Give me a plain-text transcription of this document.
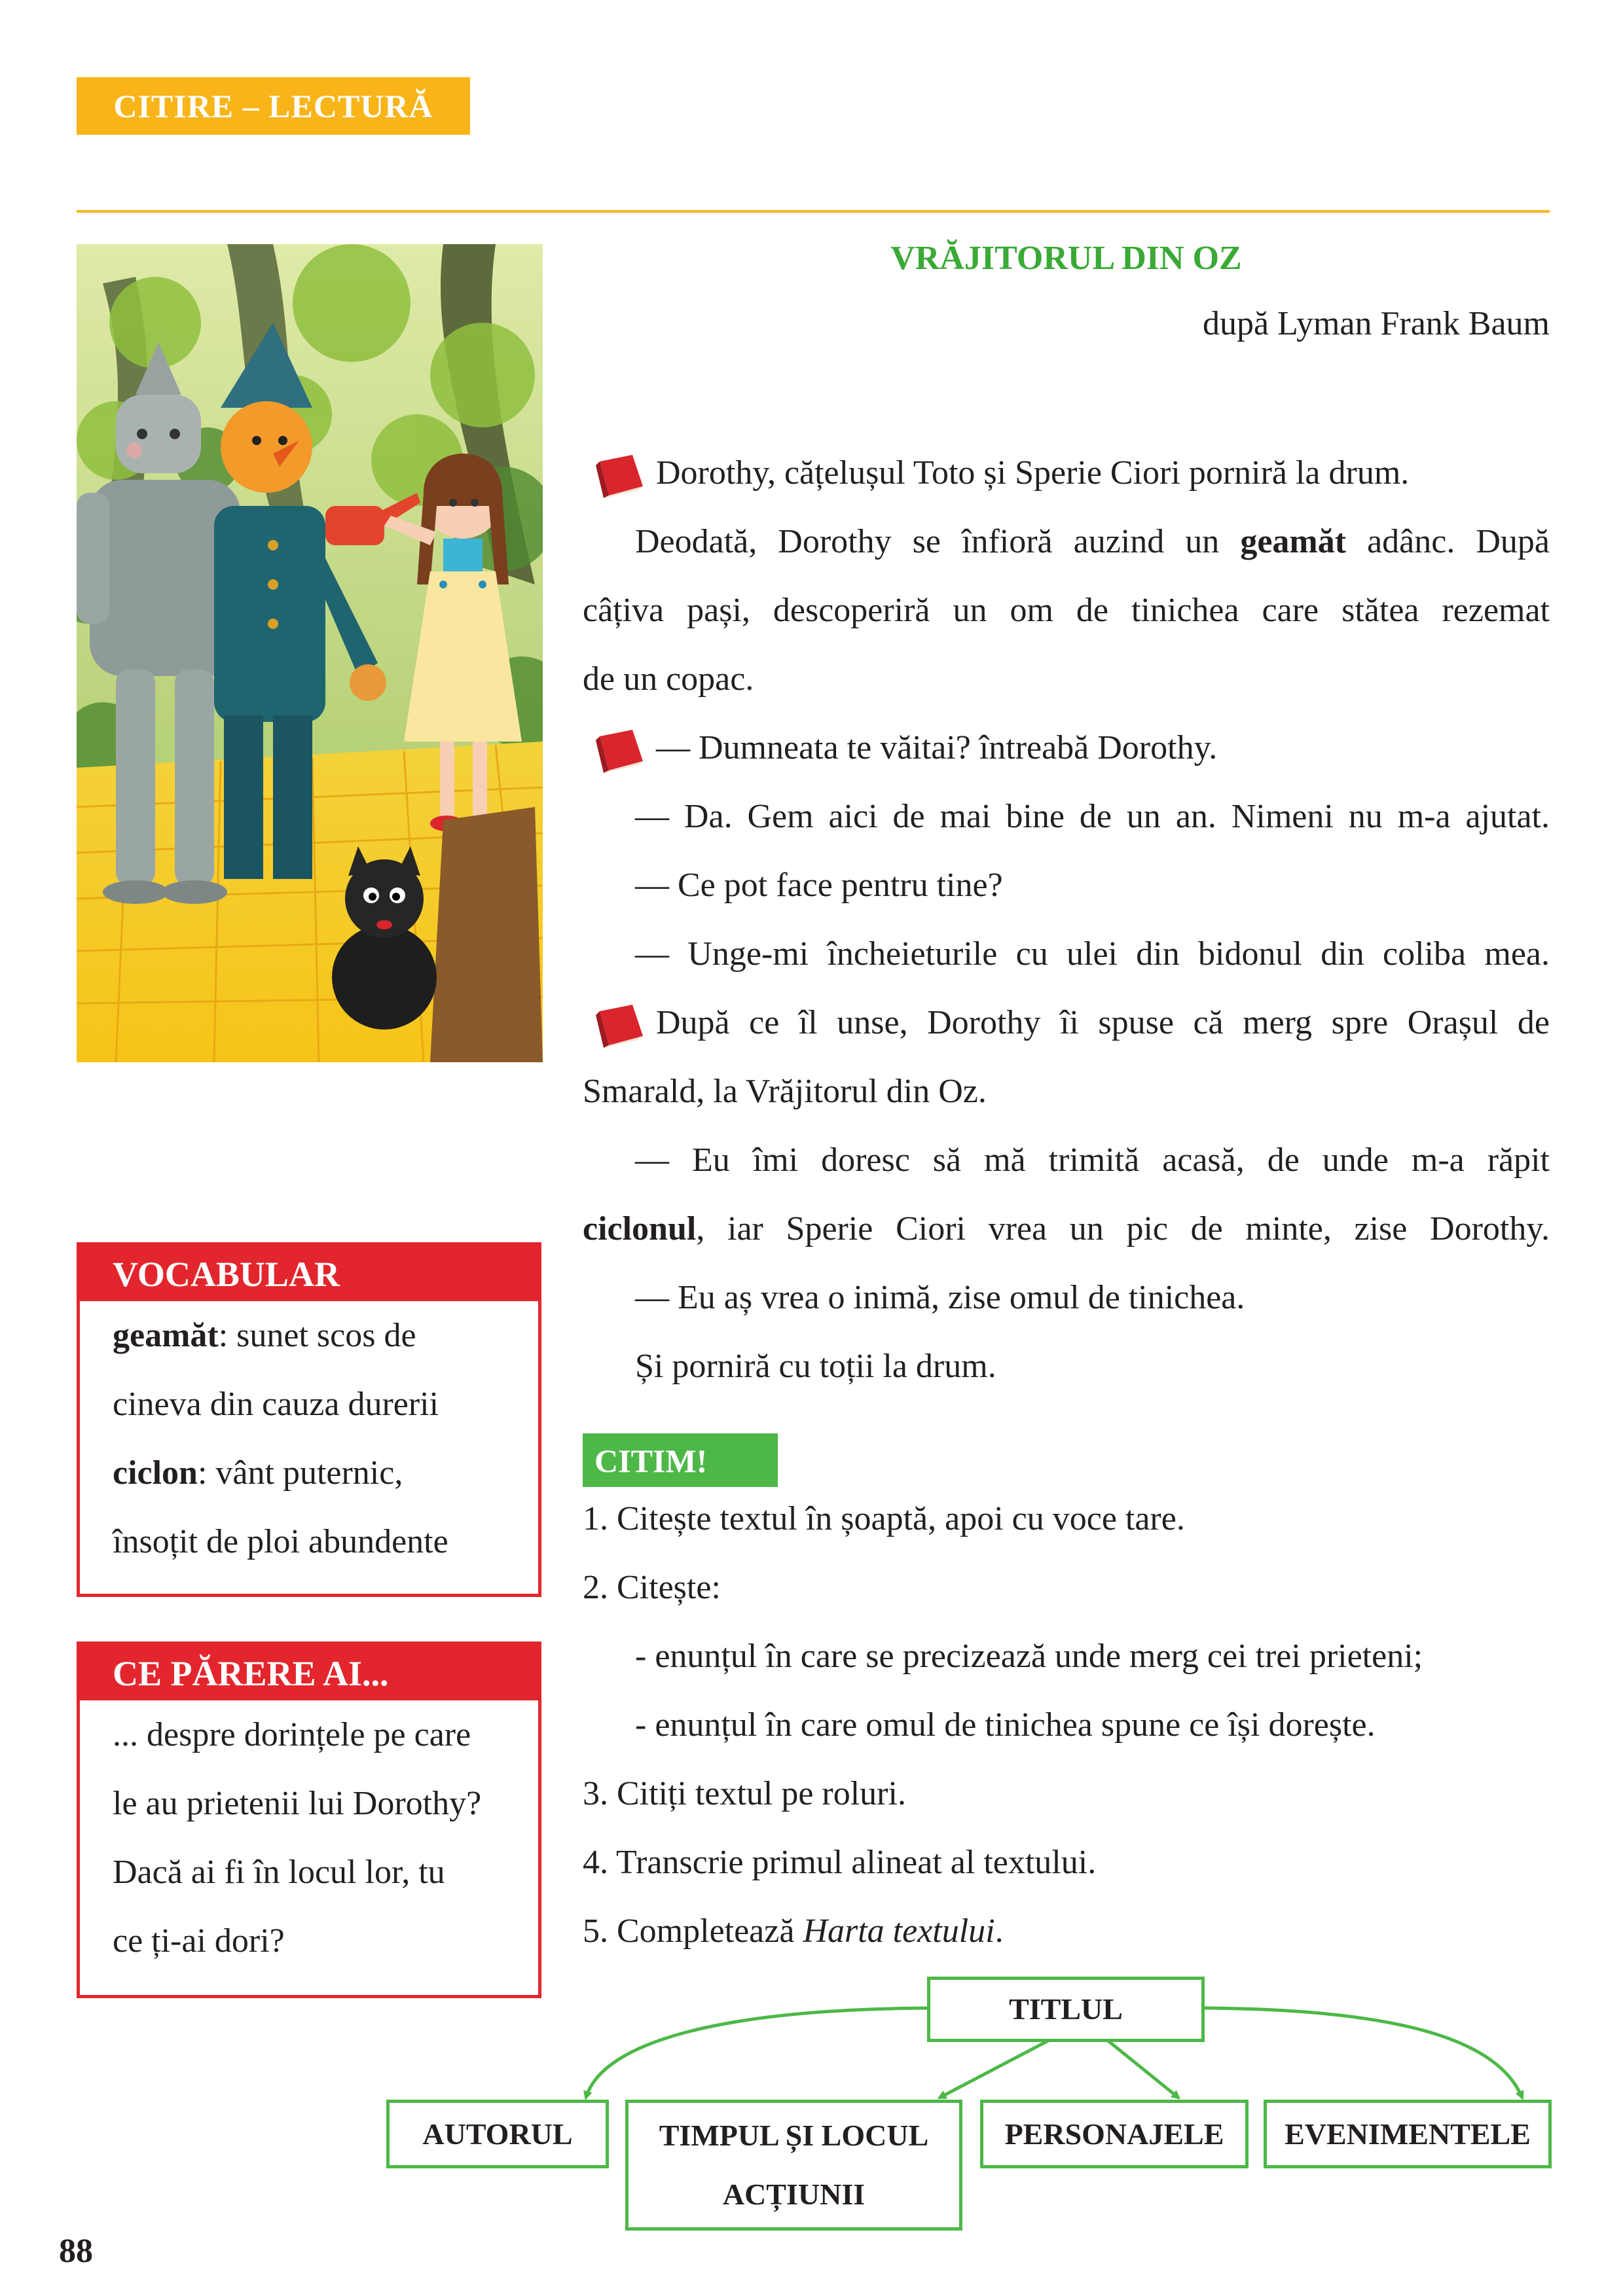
CITIRE – LECTURĂ
VRĂJITORUL DIN OZ
după Lyman Frank Baum

Dorothy, cățelușul Toto și Sperie Ciori porniră la drum.

Deodată, Dorothy se înfioră auzind un geamăt adânc. După

câțiva pași, descoperiră un om de tinichea care stătea rezemat

de un copac.

— Dumneata te văitai? întreabă Dorothy.

— Da. Gem aici de mai bine de un an. Nimeni nu m-a ajutat.

— Ce pot face pentru tine?

— Unge-mi încheieturile cu ulei din bidonul din coliba mea.

După ce îl unse, Dorothy îi spuse că merg spre Orașul de

Smarald, la Vrăjitorul din Oz.

— Eu îmi doresc să mă trimită acasă, de unde m-a răpit

ciclonul, iar Sperie Ciori vrea un pic de minte, zise Dorothy.

— Eu aș vrea o inimă, zise omul de tinichea.

Și porniră cu toții la drum.

VOCABULAR

geamăt: sunet scos de

cineva din cauza durerii

ciclon: vânt puternic,

însoțit de ploi abundente

CE PĂRERE AI...

... despre dorințele pe care

le au prietenii lui Dorothy?

Dacă ai fi în locul lor, tu

ce ți-ai dori?

CITIM!

1. Citește textul în șoaptă, apoi cu voce tare.

2. Citește:

- enunțul în care se precizează unde merg cei trei prieteni;

- enunțul în care omul de tinichea spune ce își dorește.

3. Citiți textul pe roluri.

4. Transcrie primul alineat al textului.

5. Completează Harta textului.

TITLUL
AUTORUL	TIMPUL ȘI LOCUL
ACȚIUNII
PERSONAJELE	EVENIMENTELE
88
